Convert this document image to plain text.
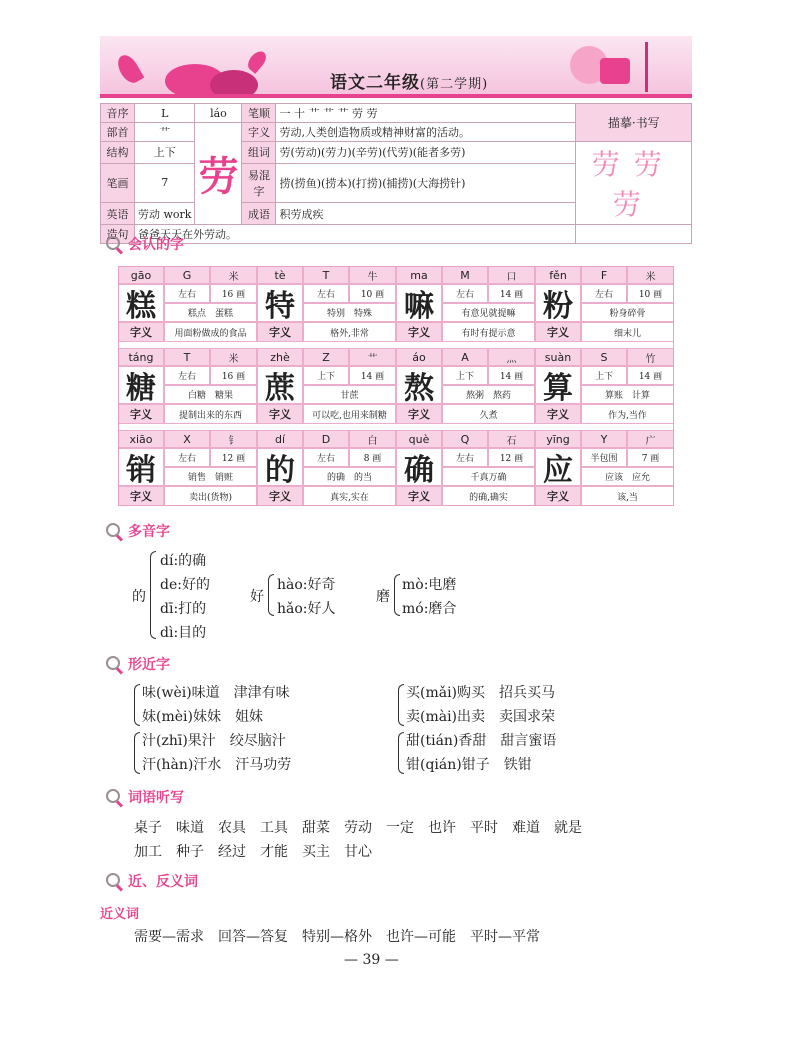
语文二年级(第二学期)
音序	L	láo	笔顺	一 十 艹 艹 艹 劳 劳	描摹·书写
部首	艹	劳	字义	劳动,人类创造物质或精神财富的活动。	
结构	上下		组词	劳(劳动)(劳力)(辛劳)(代劳)(能者多劳)	劳劳劳
笔画	7		易混字	捞(捞鱼)(捞本)(打捞)(捕捞)(大海捞针)	
英语	劳动 work		成语	积劳成疾	
造句	爸爸天天在外劳动。				
会认的字
gāo	G	米
糕	左右	16 画
糕点　蛋糕
字义	用面粉做成的食品
tè	T	牛
特	左右	10 画
特别　特殊
字义	格外,非常
ma	M	口
嘛	左右	14 画
有意见就提嘛
字义	有时有提示意
fěn	F	米
粉	左右	10 画
粉身碎骨
字义	细末儿
táng	T	米
糖	左右	16 画
白糖　糖果
字义	提制出来的东西
zhè	Z	艹
蔗	上下	14 画
甘蔗
字义	可以吃,也用来制糖
áo	A	灬
熬	上下	14 画
熬粥　熬药
字义	久煮
suàn	S	竹
算	上下	14 画
算账　计算
字义	作为,当作
xiāo	X	钅
销	左右	12 画
销售　销赃
字义	卖出(货物)
dí	D	白
的	左右	8 画
的确　的当
字义	真实,实在
què	Q	石
确	左右	12 画
千真万确
字义	的确,确实
yīng	Y	广
应	半包围	7 画
应该　应允
字义	该,当
多音字
的
dí:的确
de:好的
dī:打的
dì:目的
好
hào:好奇
hǎo:好人
磨
mò:电磨
mó:磨合
形近字
味(wèi)味道　津津有味
妹(mèi)妹妹　姐妹
汁(zhī)果汁　绞尽脑汁
汗(hàn)汗水　汗马功劳
买(mǎi)购买　招兵买马
卖(mài)出卖　卖国求荣
甜(tián)香甜　甜言蜜语
钳(qián)钳子　铁钳
词语听写
桌子　味道　农具　工具　甜菜　劳动　一定　也许　平时　难道　就是
加工　种子　经过　才能　买主　甘心
近、反义词
近义词
需要—需求　回答—答复　特别—格外　也许—可能　平时—平常
— 39 —
